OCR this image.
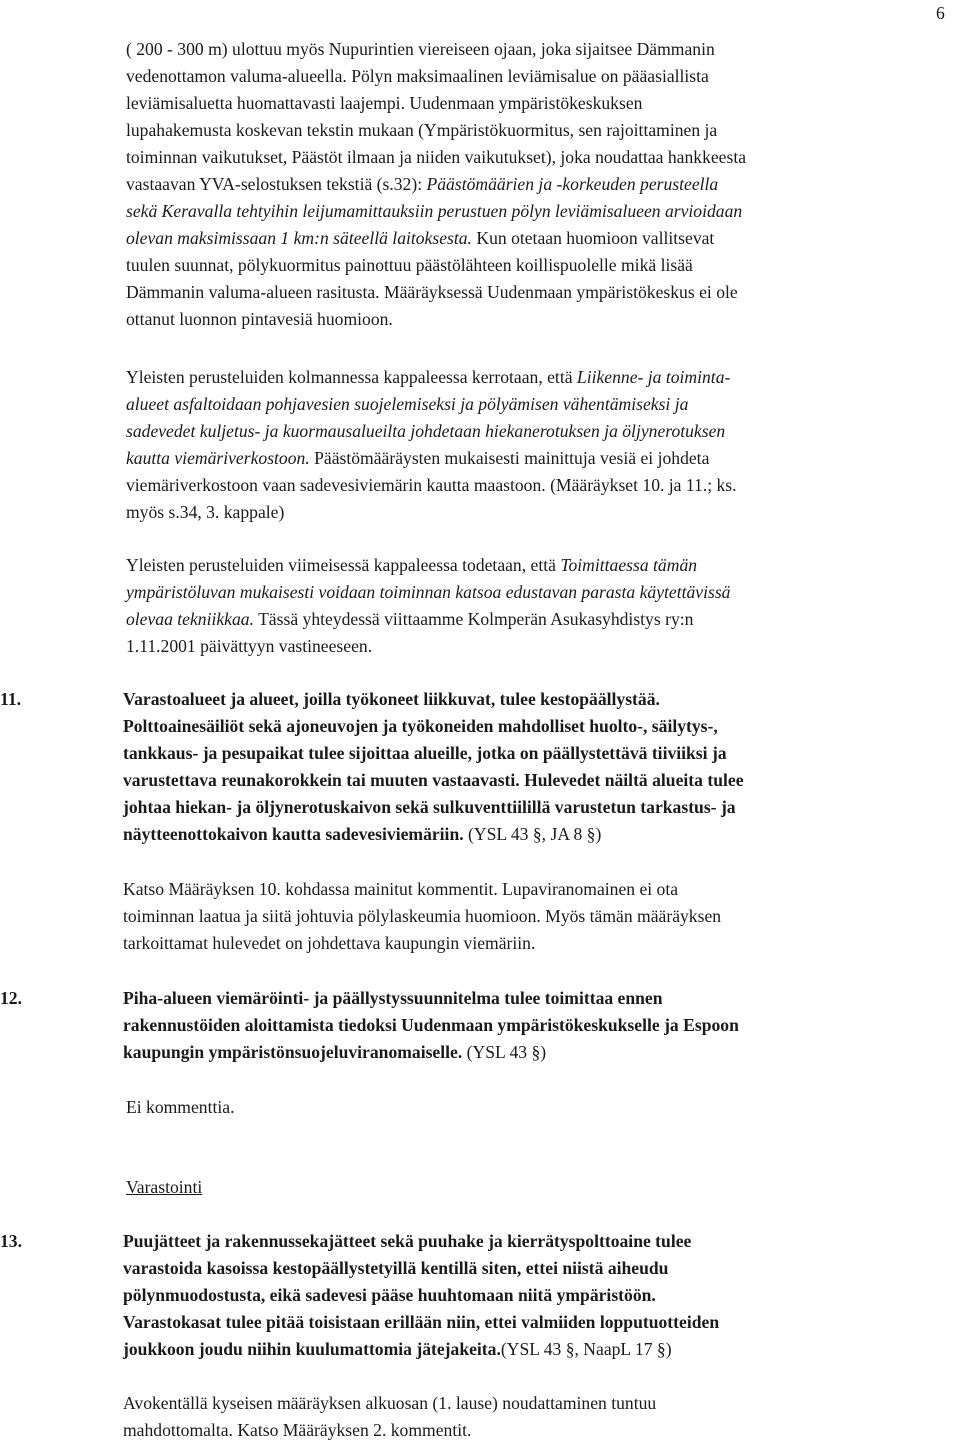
6
( 200 - 300 m) ulottuu myös Nupurintien viereiseen ojaan, joka sijaitsee Dämmanin
vedenottamon valuma-alueella. Pölyn maksimaalinen leviämisalue on pääasiallista
leviämisaluetta huomattavasti laajempi. Uudenmaan ympäristökeskuksen
lupahakemusta koskevan tekstin mukaan (Ympäristökuormitus, sen rajoittaminen ja
toiminnan vaikutukset, Päästöt ilmaan ja niiden vaikutukset), joka noudattaa hankkeesta
vastaavan YVA-selostuksen tekstiä (s.32): Päästömäärien ja -korkeuden perusteella
sekä Keravalla tehtyihin leijumamittauksiin perustuen pölyn leviämisalueen arvioidaan
olevan maksimissaan 1 km:n säteellä laitoksesta. Kun otetaan huomioon vallitsevat
tuulen suunnat, pölykuormitus painottuu päästölähteen koillispuolelle mikä lisää
Dämmanin valuma-alueen rasitusta. Määräyksessä Uudenmaan ympäristökeskus ei ole
ottanut luonnon pintavesiä huomioon.
Yleisten perusteluiden kolmannessa kappaleessa kerrotaan, että Liikenne- ja toiminta-
alueet asfaltoidaan pohjavesien suojelemiseksi ja pölyämisen vähentämiseksi ja
sadevedet kuljetus- ja kuormausalueilta johdetaan hiekanerotuksen ja öljynerotuksen
kautta viemäriverkostoon. Päästömääräysten mukaisesti mainittuja vesiä ei johdeta
viemäriverkostoon vaan sadevesiviemärin kautta maastoon. (Määräykset 10. ja 11.; ks.
myös s.34, 3. kappale)
Yleisten perusteluiden viimeisessä kappaleessa todetaan, että Toimittaessa tämän
ympäristöluvan mukaisesti voidaan toiminnan katsoa edustavan parasta käytettävissä
olevaa tekniikkaa. Tässä yhteydessä viittaamme Kolmperän Asukasyhdistys ry:n
1.11.2001 päivättyyn vastineeseen.
11.	Varastoalueet ja alueet, joilla työkoneet liikkuvat, tulee kestopäällystää.
Polttoainesäiliöt sekä ajoneuvojen ja työkoneiden mahdolliset huolto-, säilytys-,
tankkaus- ja pesupaikat tulee sijoittaa alueille, jotka on päällystettävä tiiviiksi ja
varustettava reunakorokkein tai muuten vastaavasti. Hulevedet näiltä alueita tulee
johtaa hiekan- ja öljynerotuskaivon sekä sulkuventtiilillä varustetun tarkastus- ja
näytteenottokaivon kautta sadevesiviemäriin. (YSL 43 §, JA 8 §)
Katso Määräyksen 10. kohdassa mainitut kommentit. Lupaviranomainen ei ota
toiminnan laatua ja siitä johtuvia pölylaskeumia huomioon. Myös tämän määräyksen
tarkoittamat hulevedet on johdettava kaupungin viemäriin.
12.	Piha-alueen viemäröinti- ja päällystyssuunnitelma tulee toimittaa ennen
rakennustöiden aloittamista tiedoksi Uudenmaan ympäristökeskukselle ja Espoon
kaupungin ympäristönsuojeluviranomaiselle. (YSL 43 §)
Ei kommenttia.
Varastointi
13.	Puujätteet ja rakennussekajätteet sekä puuhake ja kierrätyspolttoaine tulee
varastoida kasoissa kestopäällystetyillä kentillä siten, ettei niistä aiheudu
pölynmuodostusta, eikä sadevesi pääse huuhtomaan niitä ympäristöön.
Varastokasat tulee pitää toisistaan erillään niin, ettei valmiiden lopputuotteiden
joukkoon joudu niihin kuulumattomia jätejakeita.(YSL 43 §, NaapL 17 §)
Avokentällä kyseisen määräyksen alkuosan (1. lause) noudattaminen tuntuu
mahdottomalta. Katso Määräyksen 2. kommentit.
